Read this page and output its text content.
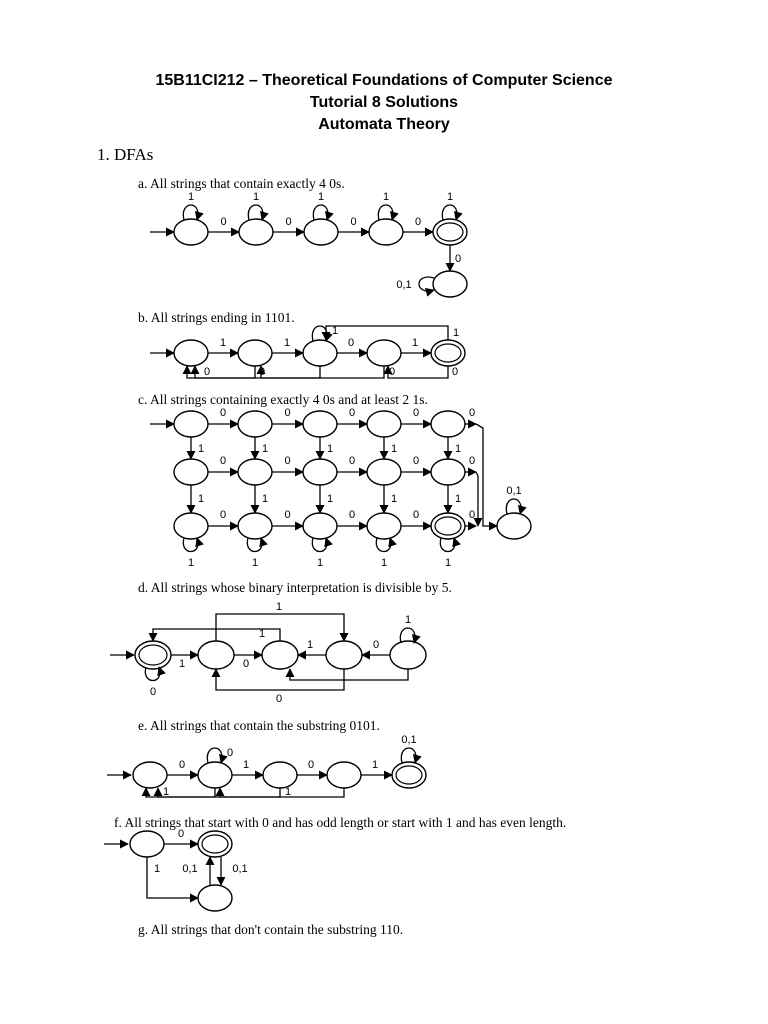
15B11CI212 – Theoretical Foundations of Computer Science
Tutorial 8 Solutions
Automata Theory
1. DFAs
a. All strings that contain exactly 4 0s.
b. All strings ending in 1101.
c. All strings containing exactly 4 0s and at least 2 1s.
d. All strings whose binary interpretation is divisible by 5.
e. All strings that contain the substring 0101.
f. All strings that start with 0 and has odd length or start with 1 and has even length.
g. All strings that don't contain the substring 110.
1	1	1	1	1
0	0	0	0
0
0,1
1	1	0	1
1
0	0	0
0
1
0	0	0	0
0	0	0	0
0	0	0	0
0
0
0
1
1
1
1
1
1
1
1
1
1
1
1
1
1
1
0,1
0
1	0
1	0
1
1
1
0
0	1	0	1
0
0,1
1	1
0
1 0,1	0,1
